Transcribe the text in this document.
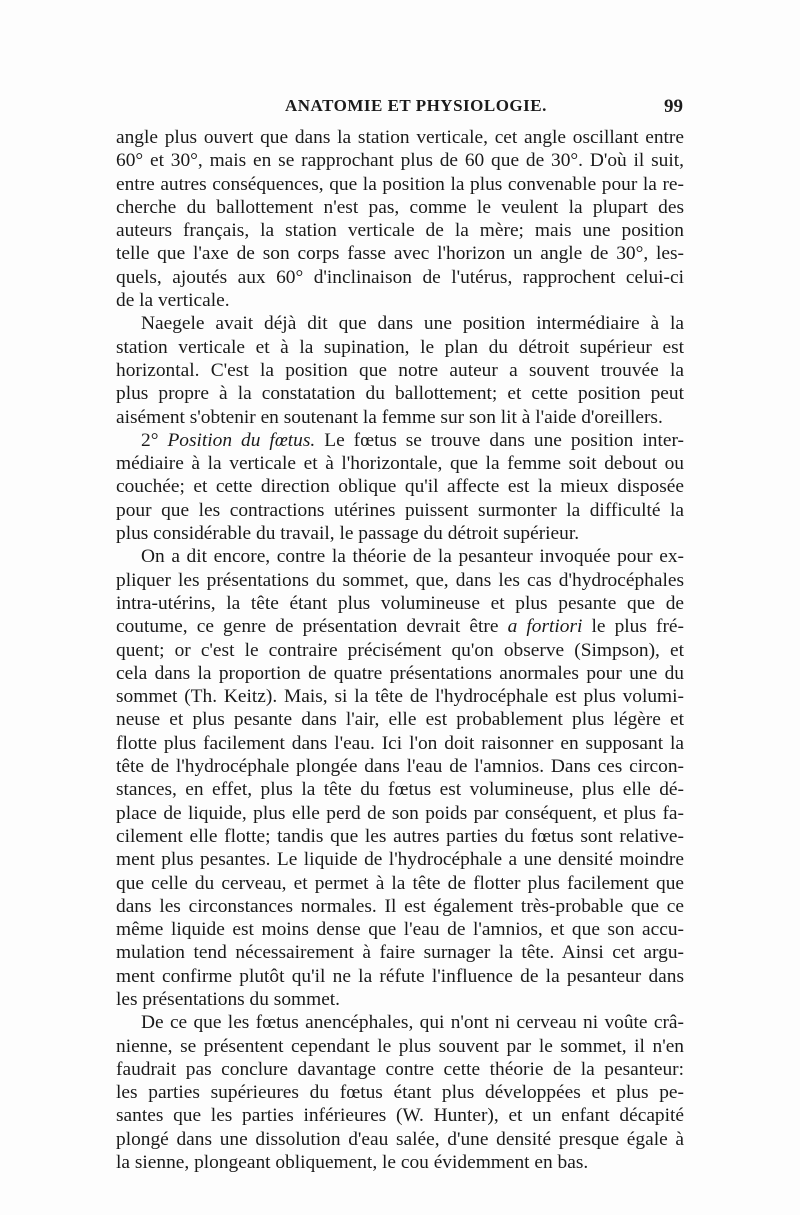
ANATOMIE ET PHYSIOLOGIE.	99

angle plus ouvert que dans la station verticale, cet angle oscillant entre
60° et 30°, mais en se rapprochant plus de 60 que de 30°. D'où il suit,
entre autres conséquences, que la position la plus convenable pour la re-
cherche du ballottement n'est pas, comme le veulent la plupart des
auteurs français, la station verticale de la mère; mais une position
telle que l'axe de son corps fasse avec l'horizon un angle de 30°, les-
quels, ajoutés aux 60° d'inclinaison de l'utérus, rapprochent celui-ci
de la verticale.

Naegele avait déjà dit que dans une position intermédiaire à la
station verticale et à la supination, le plan du détroit supérieur est
horizontal. C'est la position que notre auteur a souvent trouvée la
plus propre à la constatation du ballottement; et cette position peut
aisément s'obtenir en soutenant la femme sur son lit à l'aide d'oreillers.

2° Position du fœtus. Le fœtus se trouve dans une position inter-
médiaire à la verticale et à l'horizontale, que la femme soit debout ou
couchée; et cette direction oblique qu'il affecte est la mieux disposée
pour que les contractions utérines puissent surmonter la difficulté la
plus considérable du travail, le passage du détroit supérieur.

On a dit encore, contre la théorie de la pesanteur invoquée pour ex-
pliquer les présentations du sommet, que, dans les cas d'hydrocéphales
intra-utérins, la tête étant plus volumineuse et plus pesante que de
coutume, ce genre de présentation devrait être a fortiori le plus fré-
quent; or c'est le contraire précisément qu'on observe (Simpson), et
cela dans la proportion de quatre présentations anormales pour une du
sommet (Th. Keitz). Mais, si la tête de l'hydrocéphale est plus volumi-
neuse et plus pesante dans l'air, elle est probablement plus légère et
flotte plus facilement dans l'eau. Ici l'on doit raisonner en supposant la
tête de l'hydrocéphale plongée dans l'eau de l'amnios. Dans ces circon-
stances, en effet, plus la tête du fœtus est volumineuse, plus elle dé-
place de liquide, plus elle perd de son poids par conséquent, et plus fa-
cilement elle flotte; tandis que les autres parties du fœtus sont relative-
ment plus pesantes. Le liquide de l'hydrocéphale a une densité moindre
que celle du cerveau, et permet à la tête de flotter plus facilement que
dans les circonstances normales. Il est également très-probable que ce
même liquide est moins dense que l'eau de l'amnios, et que son accu-
mulation tend nécessairement à faire surnager la tête. Ainsi cet argu-
ment confirme plutôt qu'il ne la réfute l'influence de la pesanteur dans
les présentations du sommet.

De ce que les fœtus anencéphales, qui n'ont ni cerveau ni voûte crâ-
nienne, se présentent cependant le plus souvent par le sommet, il n'en
faudrait pas conclure davantage contre cette théorie de la pesanteur:
les parties supérieures du fœtus étant plus développées et plus pe-
santes que les parties inférieures (W. Hunter), et un enfant décapité
plongé dans une dissolution d'eau salée, d'une densité presque égale à
la sienne, plongeant obliquement, le cou évidemment en bas.
